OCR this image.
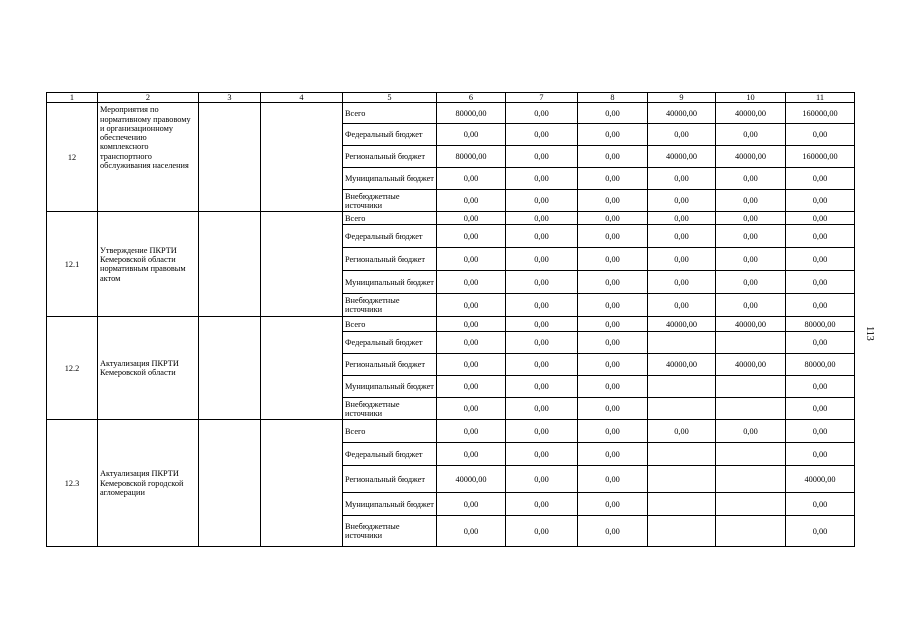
113
1	2	3	4	5	6	7	8	9	10	11
12	Мероприятия по нормативному правовому и организационному обеспечению комплексного транспортного обслуживания населения			Всего	80000,00	0,00	0,00	40000,00	40000,00	160000,00
				Федеральный бюджет	0,00	0,00	0,00	0,00	0,00	0,00
				Региональный бюджет	80000,00	0,00	0,00	40000,00	40000,00	160000,00
				Муниципальный бюджет	0,00	0,00	0,00	0,00	0,00	0,00
				Внебюджетные источники	0,00	0,00	0,00	0,00	0,00	0,00
12.1	Утверждение ПКРТИ Кемеровской области нормативным правовым актом			Всего	0,00	0,00	0,00	0,00	0,00	0,00
				Федеральный бюджет	0,00	0,00	0,00	0,00	0,00	0,00
				Региональный бюджет	0,00	0,00	0,00	0,00	0,00	0,00
				Муниципальный бюджет	0,00	0,00	0,00	0,00	0,00	0,00
				Внебюджетные источники	0,00	0,00	0,00	0,00	0,00	0,00
12.2	Актуализация ПКРТИ Кемеровской области			Всего	0,00	0,00	0,00	40000,00	40000,00	80000,00
				Федеральный бюджет	0,00	0,00	0,00			0,00
				Региональный бюджет	0,00	0,00	0,00	40000,00	40000,00	80000,00
				Муниципальный бюджет	0,00	0,00	0,00			0,00
				Внебюджетные источники	0,00	0,00	0,00			0,00
12.3	Актуализация ПКРТИ Кемеровской городской агломерации			Всего	0,00	0,00	0,00	0,00	0,00	0,00
				Федеральный бюджет	0,00	0,00	0,00			0,00
				Региональный бюджет	40000,00	0,00	0,00			40000,00
				Муниципальный бюджет	0,00	0,00	0,00			0,00
				Внебюджетные источники	0,00	0,00	0,00			0,00
